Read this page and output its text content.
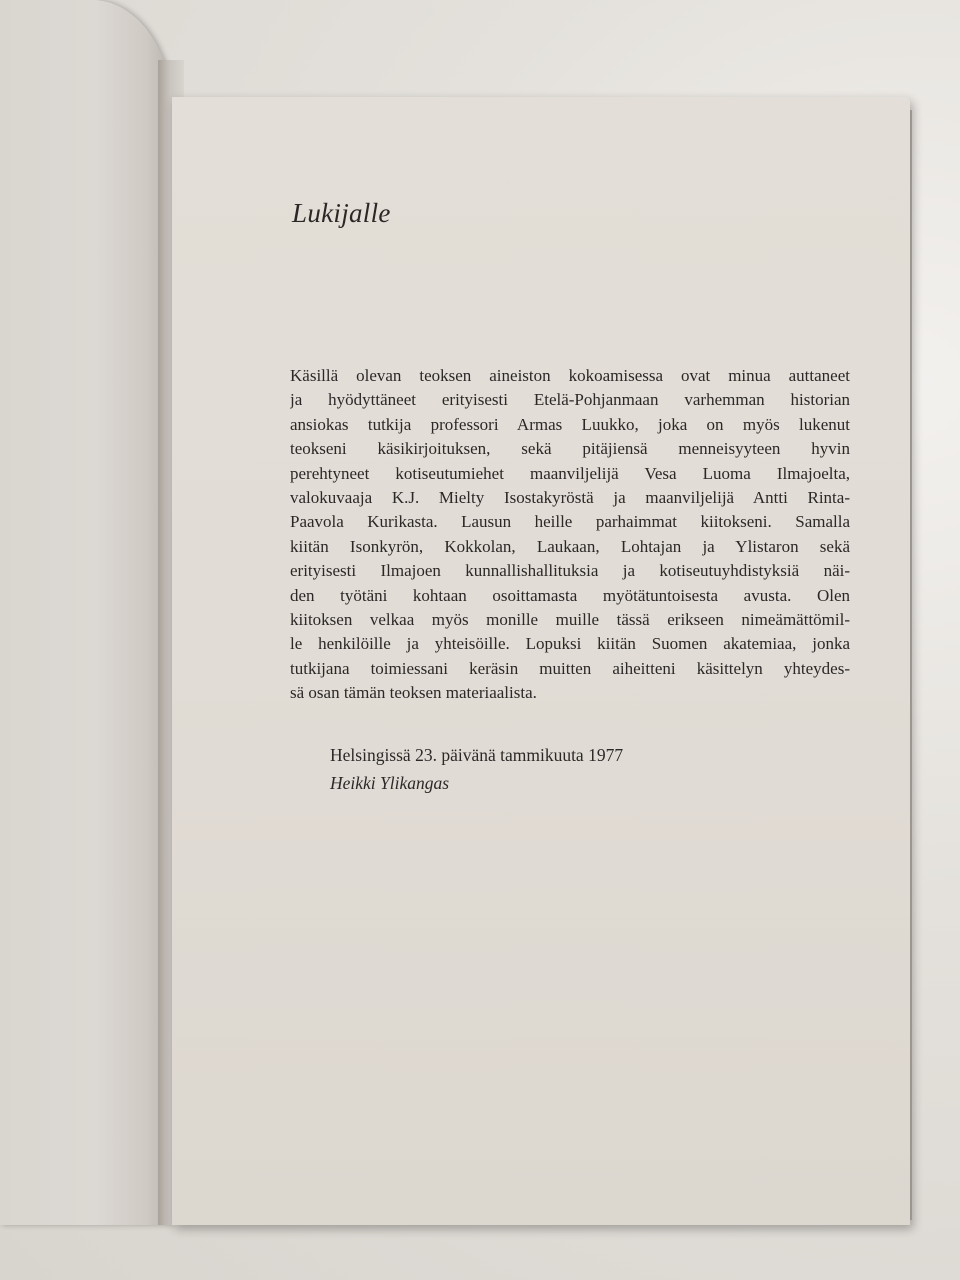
Lukijalle
Käsillä olevan teoksen aineiston kokoamisessa ovat minua auttaneet
ja hyödyttäneet erityisesti Etelä-Pohjanmaan varhemman historian
ansiokas tutkija professori Armas Luukko, joka on myös lukenut
teokseni käsikirjoituksen, sekä pitäjiensä menneisyyteen hyvin
perehtyneet kotiseutumiehet maanviljelijä Vesa Luoma Ilmajoelta,
valokuvaaja K.J. Mielty Isostakyröstä ja maanviljelijä Antti Rinta-
Paavola Kurikasta. Lausun heille parhaimmat kiitokseni. Samalla
kiitän Isonkyrön, Kokkolan, Laukaan, Lohtajan ja Ylistaron sekä
erityisesti Ilmajoen kunnallishallituksia ja kotiseutuyhdistyksiä näi-
den työtäni kohtaan osoittamasta myötätuntoisesta avusta. Olen
kiitoksen velkaa myös monille muille tässä erikseen nimeämättömil-
le henkilöille ja yhteisöille. Lopuksi kiitän Suomen akatemiaa, jonka
tutkijana toimiessani keräsin muitten aiheitteni käsittelyn yhteydes-
sä osan tämän teoksen materiaalista.
Helsingissä 23. päivänä tammikuuta 1977
Heikki Ylikangas
